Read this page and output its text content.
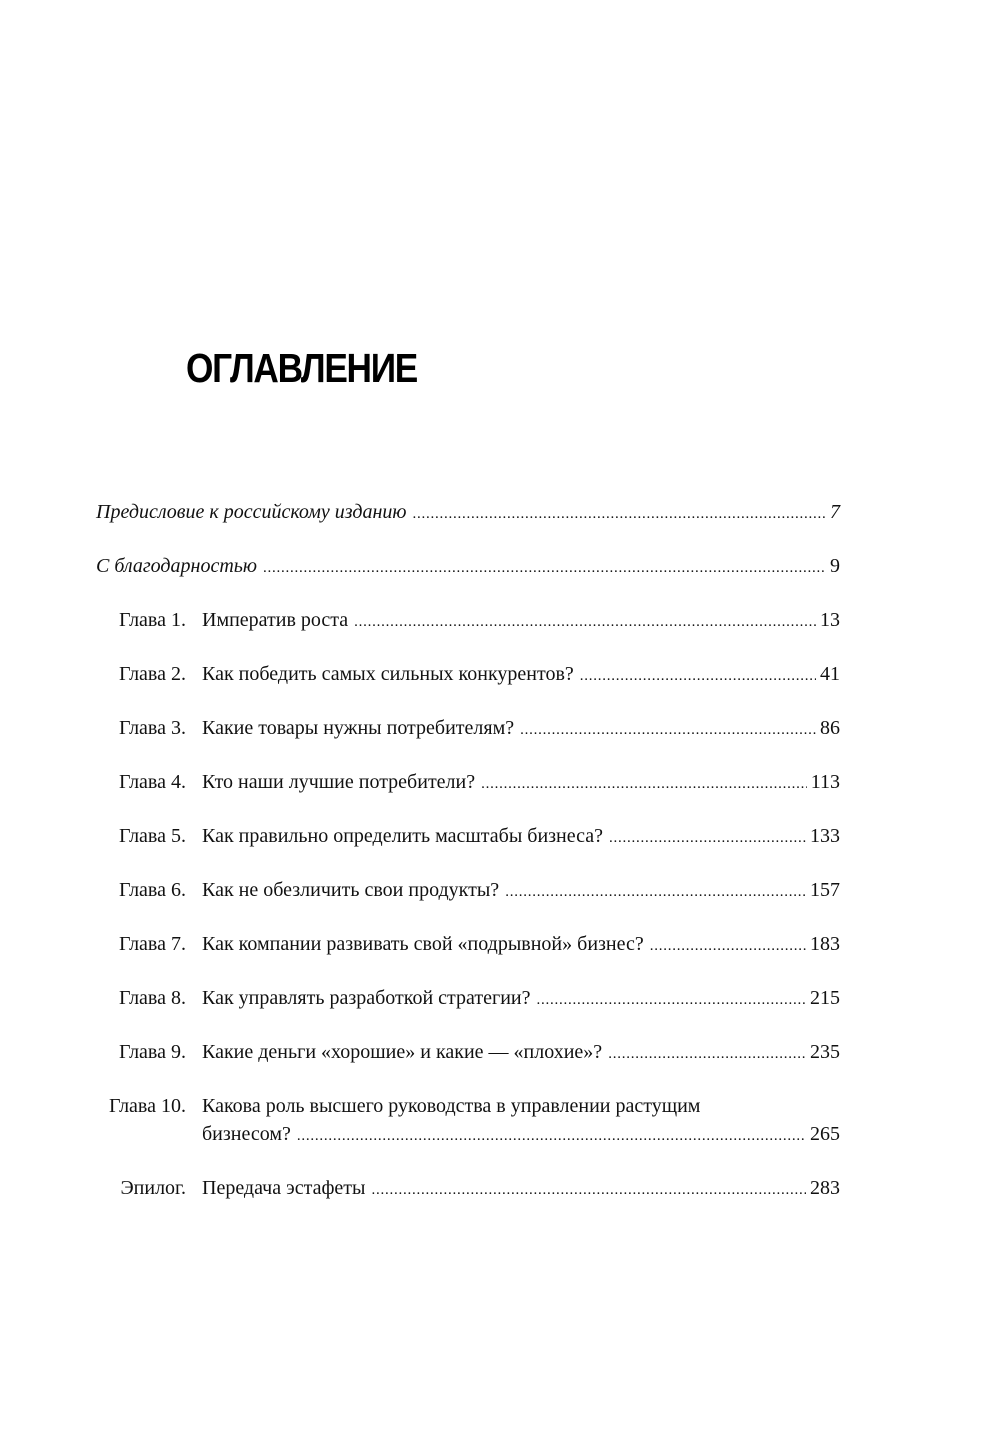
ОГЛАВЛЕНИЕ
Предисловие к российскому изданию . . .	7
С благодарностью . . .	9
Глава 1. Императив роста . . .	13
Глава 2. Как победить самых сильных конкурентов? . . .	41
Глава 3. Какие товары нужны потребителям? . . .	86
Глава 4. Кто наши лучшие потребители? . . .	113
Глава 5. Как правильно определить масштабы бизнеса? . . .	133
Глава 6. Как не обезличить свои продукты? . . .	157
Глава 7. Как компании развивать свой «подрывной» бизнес? . . .	183
Глава 8. Как управлять разработкой стратегии? . . .	215
Глава 9. Какие деньги «хорошие» и какие — «плохие»? . . .	235
Глава 10. Какова роль высшего руководства в управлении растущим
бизнесом? . . .	265
Эпилог. Передача эстафеты . . .	283
